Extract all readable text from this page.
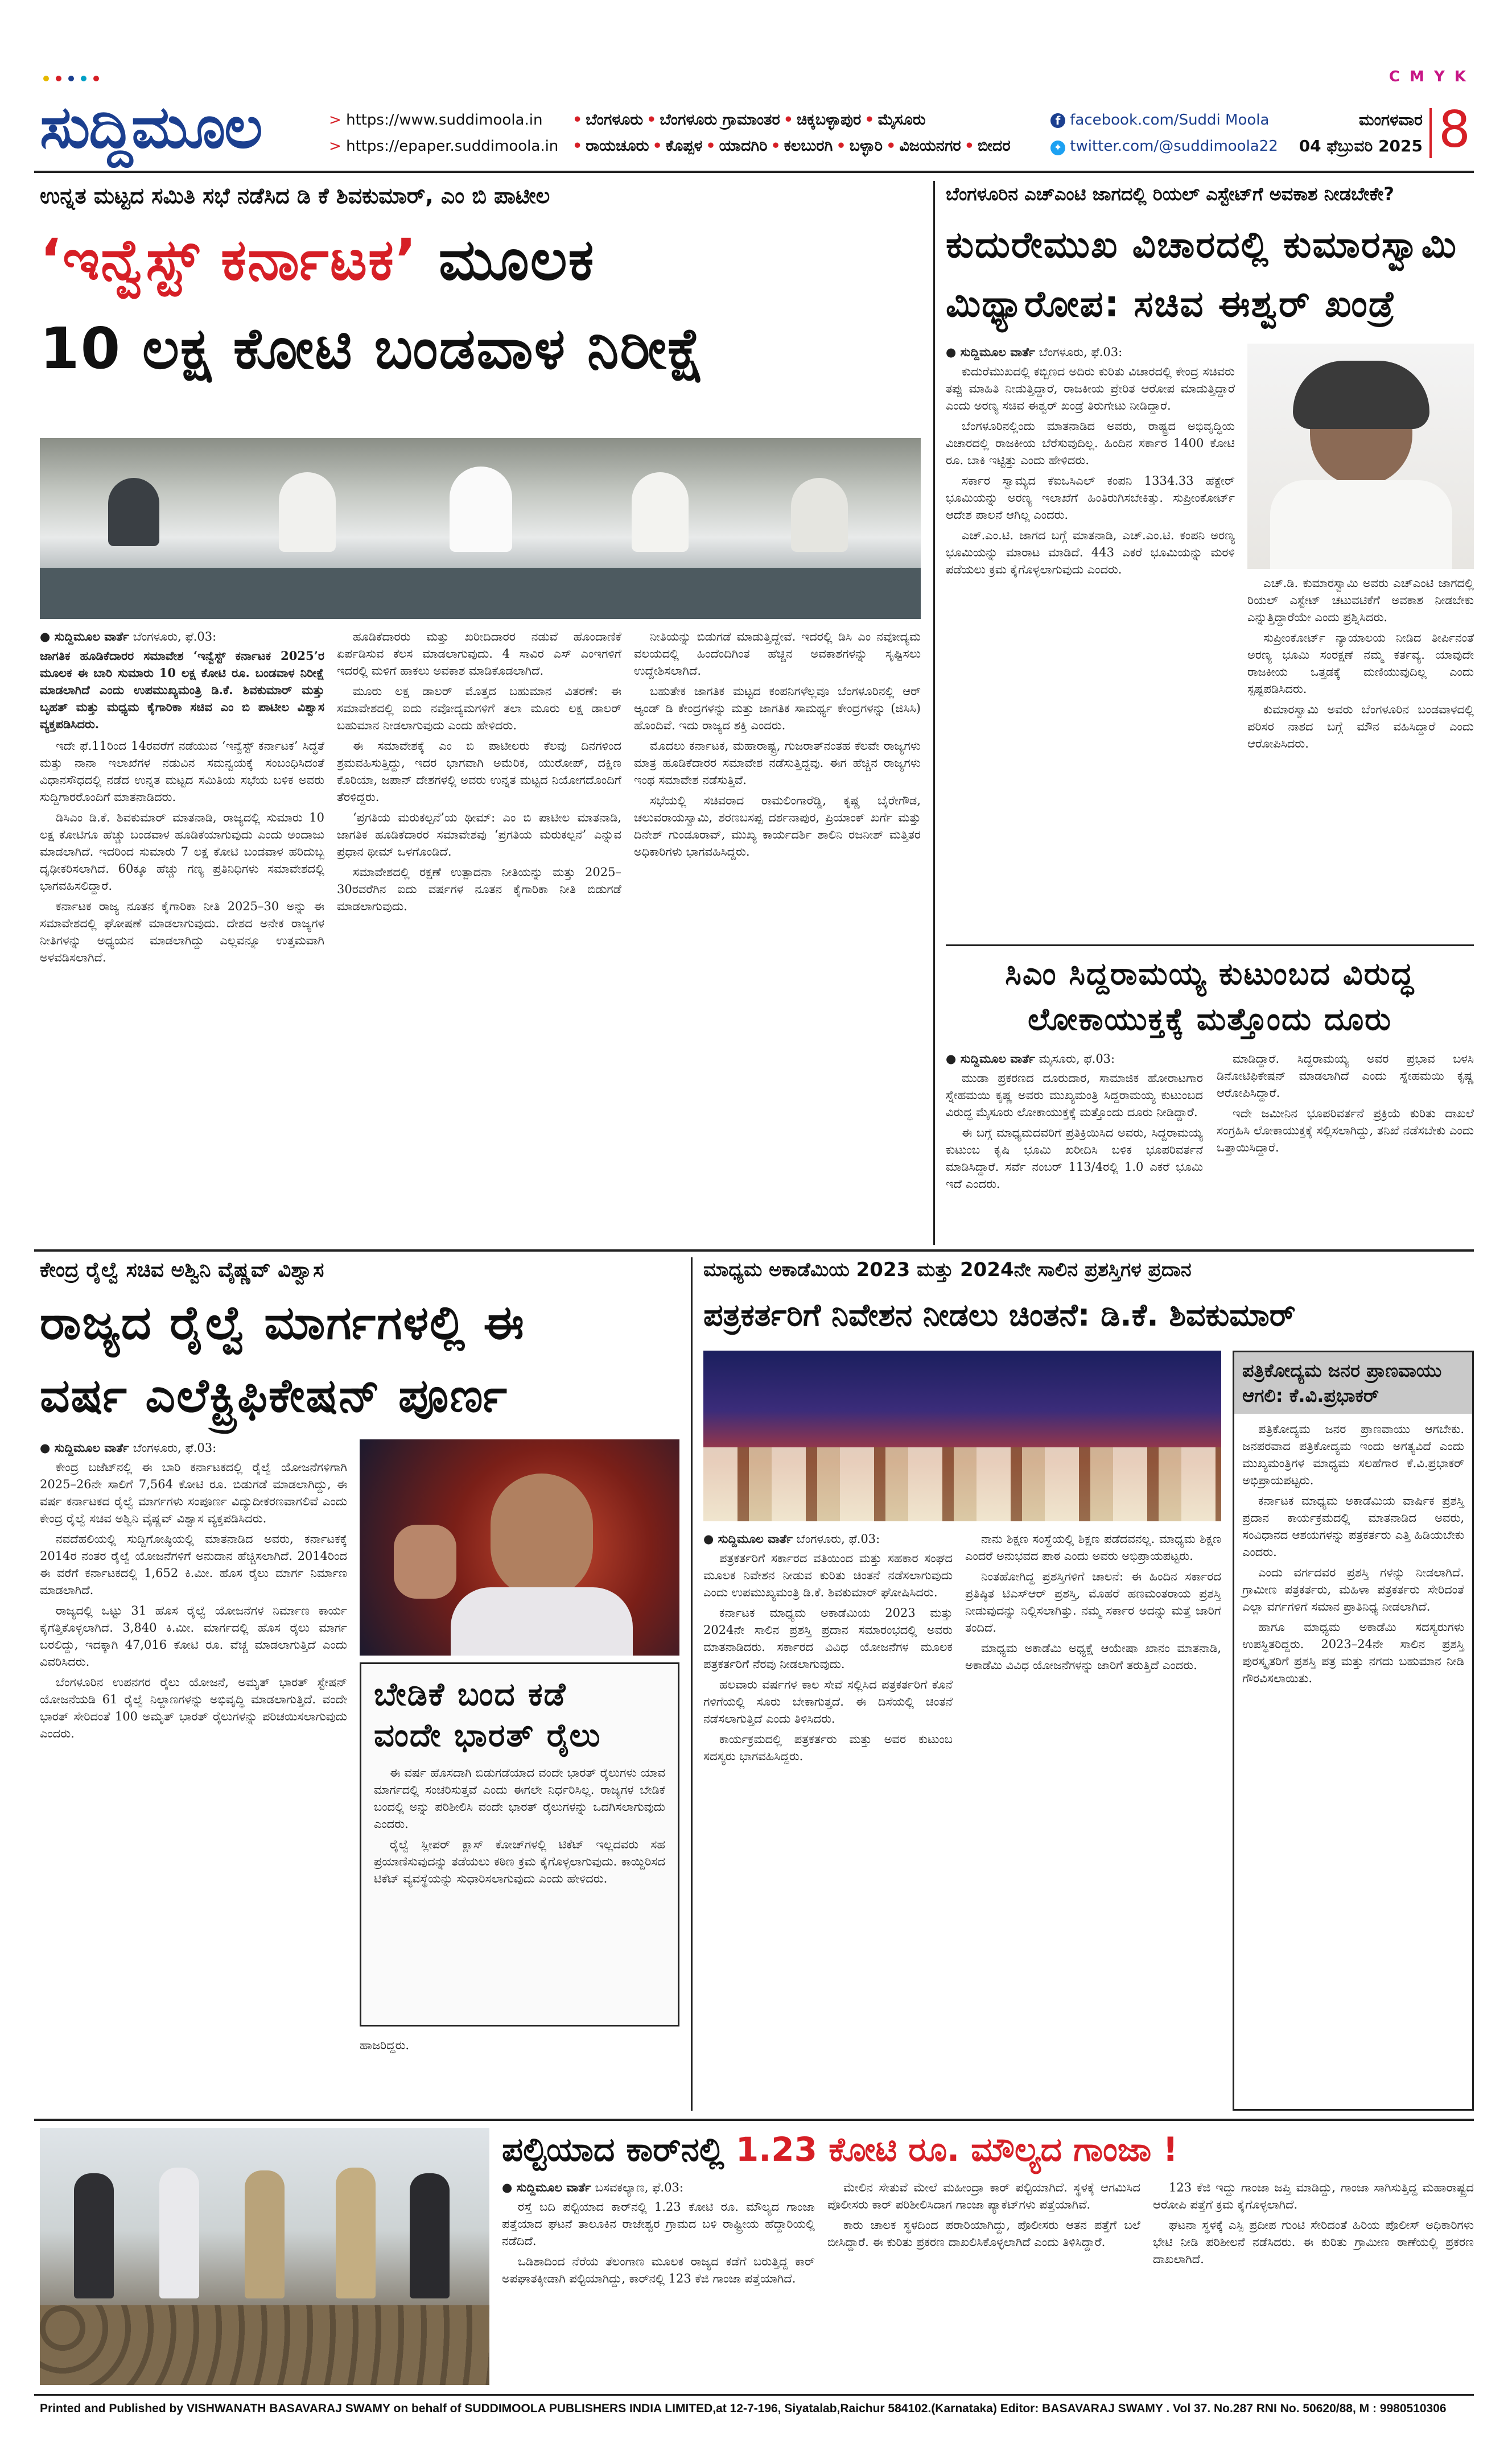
C M Y K
ಸುದ್ದಿಮೂಲ	> https://www.suddimoola.in
> https://epaper.suddimoola.in
• ಬೆಂಗಳೂರು • ಬೆಂಗಳೂರು ಗ್ರಾಮಾಂತರ • ಚಿಕ್ಕಬಳ್ಳಾಪುರ • ಮೈಸೂರು
• ರಾಯಚೂರು • ಕೊಪ್ಪಳ • ಯಾದಗಿರಿ • ಕಲಬುರಗಿ • ಬಳ್ಳಾರಿ • ವಿಜಯನಗರ • ಬೀದರ
f facebook.com/Suddi Moola
✦ twitter.com/@suddimoola22
ಮಂಗಳವಾರ
04 ಫೆಬ್ರುವರಿ 2025 8
ಉನ್ನತ ಮಟ್ಟದ ಸಮಿತಿ ಸಭೆ ನಡೆಸಿದ ಡಿ ಕೆ ಶಿವಕುಮಾರ್, ಎಂ ಬಿ ಪಾಟೀಲ
‘ಇನ್ವೆಸ್ಟ್ ಕರ್ನಾಟಕ’ ಮೂಲಕ
10 ಲಕ್ಷ ಕೋಟಿ ಬಂಡವಾಳ ನಿರೀಕ್ಷೆ
● ಸುದ್ದಿಮೂಲ ವಾರ್ತೆ ಬೆಂಗಳೂರು, ಫೆ.03:
ಜಾಗತಿಕ ಹೂಡಿಕೆದಾರರ ಸಮಾವೇಶ ‘ಇನ್ವೆಸ್ಟ್ ಕರ್ನಾಟಕ 2025’ರ ಮೂಲಕ ಈ ಬಾರಿ ಸುಮಾರು 10 ಲಕ್ಷ ಕೋಟಿ ರೂ. ಬಂಡವಾಳ ನಿರೀಕ್ಷೆ ಮಾಡಲಾಗಿದೆ ಎಂದು ಉಪಮುಖ್ಯಮಂತ್ರಿ ಡಿ.ಕೆ. ಶಿವಕುಮಾರ್ ಮತ್ತು ಬೃಹತ್ ಮತ್ತು ಮಧ್ಯಮ ಕೈಗಾರಿಕಾ ಸಚಿವ ಎಂ ಬಿ ಪಾಟೀಲ ವಿಶ್ವಾಸ ವ್ಯಕ್ತಪಡಿಸಿದರು.

ಇದೇ ಫೆ.11ರಿಂದ 14ರವರೆಗೆ ನಡೆಯುವ ‘ಇನ್ವೆಸ್ಟ್ ಕರ್ನಾಟಕ’ ಸಿದ್ಧತೆ ಮತ್ತು ನಾನಾ ಇಲಾಖೆಗಳ ನಡುವಿನ ಸಮನ್ವಯಕ್ಕೆ ಸಂಬಂಧಿಸಿದಂತೆ ವಿಧಾನಸೌಧದಲ್ಲಿ ನಡೆದ ಉನ್ನತ ಮಟ್ಟದ ಸಮಿತಿಯ ಸಭೆಯ ಬಳಿಕ ಅವರು ಸುದ್ದಿಗಾರರೊಂದಿಗೆ ಮಾತನಾಡಿದರು.

ಡಿಸಿಎಂ ಡಿ.ಕೆ. ಶಿವಕುಮಾರ್ ಮಾತನಾಡಿ, ರಾಜ್ಯದಲ್ಲಿ ಸುಮಾರು 10 ಲಕ್ಷ ಕೋಟಿಗೂ ಹೆಚ್ಚು ಬಂಡವಾಳ ಹೂಡಿಕೆಯಾಗುವುದು ಎಂದು ಅಂದಾಜು ಮಾಡಲಾಗಿದೆ. ಇದರಿಂದ ಸುಮಾರು 7 ಲಕ್ಷ ಕೋಟಿ ಬಂಡವಾಳ ಹರಿದುಬ್ಬ ದೃಢೀಕರಿಸಲಾಗಿದೆ. 60ಕ್ಕೂ ಹೆಚ್ಚು ಗಣ್ಯ ಪ್ರತಿನಿಧಿಗಳು ಸಮಾವೇಶದಲ್ಲಿ ಭಾಗವಹಿಸಲಿದ್ದಾರೆ.

ಕರ್ನಾಟಕ ರಾಜ್ಯ ನೂತನ ಕೈಗಾರಿಕಾ ನೀತಿ 2025–30 ಅನ್ನು ಈ ಸಮಾವೇಶದಲ್ಲಿ ಘೋಷಣೆ ಮಾಡಲಾಗುವುದು. ದೇಶದ ಅನೇಕ ರಾಜ್ಯಗಳ ನೀತಿಗಳನ್ನು ಅಧ್ಯಯನ ಮಾಡಲಾಗಿದ್ದು ಎಲ್ಲವನ್ನೂ ಉತ್ತಮವಾಗಿ ಅಳವಡಿಸಲಾಗಿದೆ.

ಹೂಡಿಕೆದಾರರು ಮತ್ತು ಖರೀದಿದಾರರ ನಡುವೆ ಹೊಂದಾಣಿಕೆ ಏರ್ಪಡಿಸುವ ಕೆಲಸ ಮಾಡಲಾಗುವುದು. 4 ಸಾವಿರ ಎಸ್ ಎಂಇಗಳಿಗೆ ಇದರಲ್ಲಿ ಮಳಿಗೆ ಹಾಕಲು ಅವಕಾಶ ಮಾಡಿಕೊಡಲಾಗಿದೆ.

ಮೂರು ಲಕ್ಷ ಡಾಲರ್ ಮೊತ್ತದ ಬಹುಮಾನ ವಿತರಣೆ: ಈ ಸಮಾವೇಶದಲ್ಲಿ ಐದು ನವೋದ್ಯಮಗಳಿಗೆ ತಲಾ ಮೂರು ಲಕ್ಷ ಡಾಲರ್ ಬಹುಮಾನ ನೀಡಲಾಗುವುದು ಎಂದು ಹೇಳಿದರು.

ಈ ಸಮಾವೇಶಕ್ಕೆ ಎಂ ಬಿ ಪಾಟೀಲರು ಕೆಲವು ದಿನಗಳಿಂದ ಶ್ರಮವಹಿಸುತ್ತಿದ್ದು, ಇದರ ಭಾಗವಾಗಿ ಅಮೆರಿಕ, ಯುರೋಪ್, ದಕ್ಷಿಣ ಕೊರಿಯಾ, ಜಪಾನ್ ದೇಶಗಳಲ್ಲಿ ಅವರು ಉನ್ನತ ಮಟ್ಟದ ನಿಯೋಗದೊಂದಿಗೆ ತೆರಳಿದ್ದರು.

‘ಪ್ರಗತಿಯ ಮರುಕಲ್ಪನೆ’ಯ ಥೀಮ್: ಎಂ ಬಿ ಪಾಟೀಲ ಮಾತನಾಡಿ, ಜಾಗತಿಕ ಹೂಡಿಕೆದಾರರ ಸಮಾವೇಶವು ‘ಪ್ರಗತಿಯ ಮರುಕಲ್ಪನೆ’ ಎನ್ನುವ ಪ್ರಧಾನ ಥೀಮ್ ಒಳಗೊಂಡಿದೆ.

ಸಮಾವೇಶದಲ್ಲಿ ರಕ್ಷಣೆ ಉತ್ಪಾದನಾ ನೀತಿಯನ್ನು ಮತ್ತು 2025–30ರವರೆಗಿನ ಐದು ವರ್ಷಗಳ ನೂತನ ಕೈಗಾರಿಕಾ ನೀತಿ ಬಿಡುಗಡೆ ಮಾಡಲಾಗುವುದು.

ನೀತಿಯನ್ನು ಬಿಡುಗಡೆ ಮಾಡುತ್ತಿದ್ದೇವೆ. ಇದರಲ್ಲಿ ಡಿಸಿ ಎಂ ನವೋದ್ಯಮ ವಲಯದಲ್ಲಿ ಹಿಂದೆಂದಿಗಿಂತ ಹೆಚ್ಚಿನ ಅವಕಾಶಗಳನ್ನು ಸೃಷ್ಟಿಸಲು ಉದ್ದೇಶಿಸಲಾಗಿದೆ.

ಬಹುತೇಕ ಜಾಗತಿಕ ಮಟ್ಟದ ಕಂಪನಿಗಳೆಲ್ಲವೂ ಬೆಂಗಳೂರಿನಲ್ಲಿ ಆರ್ ಆ್ಯಂಡ್ ಡಿ ಕೇಂದ್ರಗಳನ್ನು ಮತ್ತು ಜಾಗತಿಕ ಸಾಮರ್ಥ್ಯ ಕೇಂದ್ರಗಳನ್ನು (ಜಿಸಿಸಿ) ಹೊಂದಿವೆ. ಇದು ರಾಜ್ಯದ ಶಕ್ತಿ ಎಂದರು.

ಮೊದಲು ಕರ್ನಾಟಕ, ಮಹಾರಾಷ್ಟ್ರ, ಗುಜರಾತ್‌ನಂತಹ ಕೆಲವೇ ರಾಜ್ಯಗಳು ಮಾತ್ರ ಹೂಡಿಕೆದಾರರ ಸಮಾವೇಶ ನಡೆಸುತ್ತಿದ್ದವು. ಈಗ ಹೆಚ್ಚಿನ ರಾಜ್ಯಗಳು ಇಂಥ ಸಮಾವೇಶ ನಡೆಸುತ್ತಿವೆ.

ಸಭೆಯಲ್ಲಿ ಸಚಿವರಾದ ರಾಮಲಿಂಗಾರೆಡ್ಡಿ, ಕೃಷ್ಣ ಬೈರೇಗೌಡ, ಚಲುವರಾಯಸ್ವಾಮಿ, ಶರಣಬಸಪ್ಪ ದರ್ಶನಾಪುರ, ಪ್ರಿಯಾಂಕ್ ಖರ್ಗೆ ಮತ್ತು ದಿನೇಶ್ ಗುಂಡೂರಾವ್, ಮುಖ್ಯ ಕಾರ್ಯದರ್ಶಿ ಶಾಲಿನಿ ರಜನೀಶ್ ಮತ್ತಿತರ ಅಧಿಕಾರಿಗಳು ಭಾಗವಹಿಸಿದ್ದರು.

ಬೆಂಗಳೂರಿನ ಎಚ್‌ಎಂಟಿ ಜಾಗದಲ್ಲಿ ರಿಯಲ್ ಎಸ್ಟೇಟ್‌ಗೆ ಅವಕಾಶ ನೀಡಬೇಕೇ?
ಕುದುರೇಮುಖ ವಿಚಾರದಲ್ಲಿ ಕುಮಾರಸ್ವಾಮಿ
ಮಿಥ್ಯಾರೋಪ: ಸಚಿವ ಈಶ್ವರ್ ಖಂಡ್ರೆ
● ಸುದ್ದಿಮೂಲ ವಾರ್ತೆ ಬೆಂಗಳೂರು, ಫೆ.03:

ಕುದುರೆಮುಖದಲ್ಲಿ ಕಬ್ಬಿಣದ ಅದಿರು ಕುರಿತು ವಿಚಾರದಲ್ಲಿ ಕೇಂದ್ರ ಸಚಿವರು ತಪ್ಪು ಮಾಹಿತಿ ನೀಡುತ್ತಿದ್ದಾರೆ, ರಾಜಕೀಯ ಪ್ರೇರಿತ ಆರೋಪ ಮಾಡುತ್ತಿದ್ದಾರೆ ಎಂದು ಅರಣ್ಯ ಸಚಿವ ಈಶ್ವರ್ ಖಂಡ್ರೆ ತಿರುಗೇಟು ನೀಡಿದ್ದಾರೆ.

ಬೆಂಗಳೂರಿನಲ್ಲಿಂದು ಮಾತನಾಡಿದ ಅವರು, ರಾಷ್ಟ್ರದ ಅಭಿವೃದ್ಧಿಯ ವಿಚಾರದಲ್ಲಿ ರಾಜಕೀಯ ಬೆರೆಸುವುದಿಲ್ಲ. ಹಿಂದಿನ ಸರ್ಕಾರ 1400 ಕೋಟಿ ರೂ. ಬಾಕಿ ಇಟ್ಟಿತ್ತು ಎಂದು ಹೇಳಿದರು.

ಸರ್ಕಾರ ಸ್ವಾಮ್ಯದ ಕೆಐಒಸಿಎಲ್ ಕಂಪನಿ 1334.33 ಹೆಕ್ಟೇರ್ ಭೂಮಿಯನ್ನು ಅರಣ್ಯ ಇಲಾಖೆಗೆ ಹಿಂತಿರುಗಿಸಬೇಕಿತ್ತು. ಸುಪ್ರೀಂಕೋರ್ಟ್ ಆದೇಶ ಪಾಲನೆ ಆಗಿಲ್ಲ ಎಂದರು.

ಎಚ್.ಎಂ.ಟಿ. ಜಾಗದ ಬಗ್ಗೆ ಮಾತನಾಡಿ, ಎಚ್.ಎಂ.ಟಿ. ಕಂಪನಿ ಅರಣ್ಯ ಭೂಮಿಯನ್ನು ಮಾರಾಟ ಮಾಡಿದೆ. 443 ಎಕರೆ ಭೂಮಿಯನ್ನು ಮರಳಿ ಪಡೆಯಲು ಕ್ರಮ ಕೈಗೊಳ್ಳಲಾಗುವುದು ಎಂದರು.

ಎಚ್.ಡಿ. ಕುಮಾರಸ್ವಾಮಿ ಅವರು ಎಚ್‌ಎಂಟಿ ಜಾಗದಲ್ಲಿ ರಿಯಲ್ ಎಸ್ಟೇಟ್ ಚಟುವಟಿಕೆಗೆ ಅವಕಾಶ ನೀಡಬೇಕು ಎನ್ನುತ್ತಿದ್ದಾರೆಯೇ ಎಂದು ಪ್ರಶ್ನಿಸಿದರು.

ಸುಪ್ರೀಂಕೋರ್ಟ್ ನ್ಯಾಯಾಲಯ ನೀಡಿದ ತೀರ್ಪಿನಂತೆ ಅರಣ್ಯ ಭೂಮಿ ಸಂರಕ್ಷಣೆ ನಮ್ಮ ಕರ್ತವ್ಯ. ಯಾವುದೇ ರಾಜಕೀಯ ಒತ್ತಡಕ್ಕೆ ಮಣಿಯುವುದಿಲ್ಲ ಎಂದು ಸ್ಪಷ್ಟಪಡಿಸಿದರು.

ಕುಮಾರಸ್ವಾಮಿ ಅವರು ಬೆಂಗಳೂರಿನ ಬಂಡವಾಳದಲ್ಲಿ ಪರಿಸರ ನಾಶದ ಬಗ್ಗೆ ಮೌನ ವಹಿಸಿದ್ದಾರೆ ಎಂದು ಆರೋಪಿಸಿದರು.

ಸಿಎಂ ಸಿದ್ದರಾಮಯ್ಯ ಕುಟುಂಬದ ವಿರುದ್ಧ
ಲೋಕಾಯುಕ್ತಕ್ಕೆ ಮತ್ತೊಂದು ದೂರು
● ಸುದ್ದಿಮೂಲ ವಾರ್ತೆ ಮೈಸೂರು, ಫೆ.03:

ಮುಡಾ ಪ್ರಕರಣದ ದೂರುದಾರ, ಸಾಮಾಜಿಕ ಹೋರಾಟಗಾರ ಸ್ನೇಹಮಯಿ ಕೃಷ್ಣ ಅವರು ಮುಖ್ಯಮಂತ್ರಿ ಸಿದ್ದರಾಮಯ್ಯ ಕುಟುಂಬದ ವಿರುದ್ಧ ಮೈಸೂರು ಲೋಕಾಯುಕ್ತಕ್ಕೆ ಮತ್ತೊಂದು ದೂರು ನೀಡಿದ್ದಾರೆ.

ಈ ಬಗ್ಗೆ ಮಾಧ್ಯಮದವರಿಗೆ ಪ್ರತಿಕ್ರಿಯಿಸಿದ ಅವರು, ಸಿದ್ದರಾಮಯ್ಯ ಕುಟುಂಬ ಕೃಷಿ ಭೂಮಿ ಖರೀದಿಸಿ ಬಳಿಕ ಭೂಪರಿವರ್ತನೆ ಮಾಡಿಸಿದ್ದಾರೆ. ಸರ್ವೆ ನಂಬರ್ 113/4ರಲ್ಲಿ 1.0 ಎಕರೆ ಭೂಮಿ ಇದೆ ಎಂದರು.

ಮಾಡಿದ್ದಾರೆ. ಸಿದ್ದರಾಮಯ್ಯ ಅವರ ಪ್ರಭಾವ ಬಳಸಿ ಡಿನೋಟಿಫಿಕೇಷನ್ ಮಾಡಲಾಗಿದೆ ಎಂದು ಸ್ನೇಹಮಯಿ ಕೃಷ್ಣ ಆರೋಪಿಸಿದ್ದಾರೆ.

ಇದೇ ಜಮೀನಿನ ಭೂಪರಿವರ್ತನೆ ಪ್ರಕ್ರಿಯೆ ಕುರಿತು ದಾಖಲೆ ಸಂಗ್ರಹಿಸಿ ಲೋಕಾಯುಕ್ತಕ್ಕೆ ಸಲ್ಲಿಸಲಾಗಿದ್ದು, ತನಿಖೆ ನಡೆಸಬೇಕು ಎಂದು ಒತ್ತಾಯಿಸಿದ್ದಾರೆ.

ಕೇಂದ್ರ ರೈಲ್ವೆ ಸಚಿವ ಅಶ್ವಿನಿ ವೈಷ್ಣವ್ ವಿಶ್ವಾಸ
ರಾಜ್ಯದ ರೈಲ್ವೆ ಮಾರ್ಗಗಳಲ್ಲಿ ಈ
ವರ್ಷ ಎಲೆಕ್ಟ್ರಿಫಿಕೇಷನ್ ಪೂರ್ಣ
● ಸುದ್ದಿಮೂಲ ವಾರ್ತೆ ಬೆಂಗಳೂರು, ಫೆ.03:

ಕೇಂದ್ರ ಬಜೆಟ್‌ನಲ್ಲಿ ಈ ಬಾರಿ ಕರ್ನಾಟಕದಲ್ಲಿ ರೈಲ್ವೆ ಯೋಜನೆಗಳಿಗಾಗಿ 2025–26ನೇ ಸಾಲಿಗೆ 7,564 ಕೋಟಿ ರೂ. ಬಿಡುಗಡೆ ಮಾಡಲಾಗಿದ್ದು, ಈ ವರ್ಷ ಕರ್ನಾಟಕದ ರೈಲ್ವೆ ಮಾರ್ಗಗಳು ಸಂಪೂರ್ಣ ವಿದ್ಯುದೀಕರಣವಾಗಲಿವೆ ಎಂದು ಕೇಂದ್ರ ರೈಲ್ವೆ ಸಚಿವ ಅಶ್ವಿನಿ ವೈಷ್ಣವ್ ವಿಶ್ವಾಸ ವ್ಯಕ್ತಪಡಿಸಿದರು.

ನವದೆಹಲಿಯಲ್ಲಿ ಸುದ್ದಿಗೋಷ್ಠಿಯಲ್ಲಿ ಮಾತನಾಡಿದ ಅವರು, ಕರ್ನಾಟಕಕ್ಕೆ 2014ರ ನಂತರ ರೈಲ್ವೆ ಯೋಜನೆಗಳಿಗೆ ಅನುದಾನ ಹೆಚ್ಚಿಸಲಾಗಿದೆ. 2014ರಿಂದ ಈ ವರೆಗೆ ಕರ್ನಾಟಕದಲ್ಲಿ 1,652 ಕಿ.ಮೀ. ಹೊಸ ರೈಲು ಮಾರ್ಗ ನಿರ್ಮಾಣ ಮಾಡಲಾಗಿದೆ.

ರಾಜ್ಯದಲ್ಲಿ ಒಟ್ಟು 31 ಹೊಸ ರೈಲ್ವೆ ಯೋಜನೆಗಳ ನಿರ್ಮಾಣ ಕಾರ್ಯ ಕೈಗೆತ್ತಿಕೊಳ್ಳಲಾಗಿದೆ. 3,840 ಕಿ.ಮೀ. ಮಾರ್ಗದಲ್ಲಿ ಹೊಸ ರೈಲು ಮಾರ್ಗ ಬರಲಿದ್ದು, ಇದಕ್ಕಾಗಿ 47,016 ಕೋಟಿ ರೂ. ವೆಚ್ಚ ಮಾಡಲಾಗುತ್ತಿದೆ ಎಂದು ವಿವರಿಸಿದರು.

ಬೆಂಗಳೂರಿನ ಉಪನಗರ ರೈಲು ಯೋಜನೆ, ಅಮೃತ್ ಭಾರತ್ ಸ್ಟೇಷನ್ ಯೋಜನೆಯಡಿ 61 ರೈಲ್ವೆ ನಿಲ್ದಾಣಗಳನ್ನು ಅಭಿವೃದ್ಧಿ ಮಾಡಲಾಗುತ್ತಿದೆ. ವಂದೇ ಭಾರತ್ ಸೇರಿದಂತೆ 100 ಅಮೃತ್ ಭಾರತ್ ರೈಲುಗಳನ್ನು ಪರಿಚಯಿಸಲಾಗುವುದು ಎಂದರು.

ಬೇಡಿಕೆ ಬಂದ ಕಡೆ
ವಂದೇ ಭಾರತ್ ರೈಲು

ಈ ವರ್ಷ ಹೊಸದಾಗಿ ಬಿಡುಗಡೆಯಾದ ವಂದೇ ಭಾರತ್ ರೈಲುಗಳು ಯಾವ ಮಾರ್ಗದಲ್ಲಿ ಸಂಚರಿಸುತ್ತವೆ ಎಂದು ಈಗಲೇ ನಿರ್ಧರಿಸಿಲ್ಲ. ರಾಜ್ಯಗಳ ಬೇಡಿಕೆ ಬಂದಲ್ಲಿ ಅನ್ನು ಪರಿಶೀಲಿಸಿ ವಂದೇ ಭಾರತ್ ರೈಲುಗಳನ್ನು ಒದಗಿಸಲಾಗುವುದು ಎಂದರು.

ರೈಲ್ವೆ ಸ್ಲೀಪರ್ ಕ್ಲಾಸ್ ಕೋಚ್‌ಗಳಲ್ಲಿ ಟಿಕೆಟ್ ಇಲ್ಲದವರು ಸಹ ಪ್ರಯಾಣಿಸುವುದನ್ನು ತಡೆಯಲು ಕಠಿಣ ಕ್ರಮ ಕೈಗೊಳ್ಳಲಾಗುವುದು. ಕಾಯ್ದಿರಿಸದ ಟಿಕೆಟ್ ವ್ಯವಸ್ಥೆಯನ್ನು ಸುಧಾರಿಸಲಾಗುವುದು ಎಂದು ಹೇಳಿದರು.

ಹಾಜರಿದ್ದರು.
ಮಾಧ್ಯಮ ಅಕಾಡೆಮಿಯ 2023 ಮತ್ತು 2024ನೇ ಸಾಲಿನ ಪ್ರಶಸ್ತಿಗಳ ಪ್ರದಾನ
ಪತ್ರಕರ್ತರಿಗೆ ನಿವೇಶನ ನೀಡಲು ಚಿಂತನೆ: ಡಿ.ಕೆ. ಶಿವಕುಮಾರ್
● ಸುದ್ದಿಮೂಲ ವಾರ್ತೆ ಬೆಂಗಳೂರು, ಫೆ.03:

ಪತ್ರಕರ್ತರಿಗೆ ಸರ್ಕಾರದ ವತಿಯಿಂದ ಮತ್ತು ಸಹಕಾರ ಸಂಘದ ಮೂಲಕ ನಿವೇಶನ ನೀಡುವ ಕುರಿತು ಚಿಂತನೆ ನಡೆಸಲಾಗುವುದು ಎಂದು ಉಪಮುಖ್ಯಮಂತ್ರಿ ಡಿ.ಕೆ. ಶಿವಕುಮಾರ್ ಘೋಷಿಸಿದರು.

ಕರ್ನಾಟಕ ಮಾಧ್ಯಮ ಅಕಾಡೆಮಿಯ 2023 ಮತ್ತು 2024ನೇ ಸಾಲಿನ ಪ್ರಶಸ್ತಿ ಪ್ರದಾನ ಸಮಾರಂಭದಲ್ಲಿ ಅವರು ಮಾತನಾಡಿದರು. ಸರ್ಕಾರದ ವಿವಿಧ ಯೋಜನೆಗಳ ಮೂಲಕ ಪತ್ರಕರ್ತರಿಗೆ ನೆರವು ನೀಡಲಾಗುವುದು.

ಹಲವಾರು ವರ್ಷಗಳ ಕಾಲ ಸೇವೆ ಸಲ್ಲಿಸಿದ ಪತ್ರಕರ್ತರಿಗೆ ಕೊನೆ ಗಳಿಗೆಯಲ್ಲಿ ಸೂರು ಬೇಕಾಗುತ್ತದೆ. ಈ ದಿಸೆಯಲ್ಲಿ ಚಿಂತನೆ ನಡೆಸಲಾಗುತ್ತಿದೆ ಎಂದು ತಿಳಿಸಿದರು.

ಕಾರ್ಯಕ್ರಮದಲ್ಲಿ ಪತ್ರಕರ್ತರು ಮತ್ತು ಅವರ ಕುಟುಂಬ ಸದಸ್ಯರು ಭಾಗವಹಿಸಿದ್ದರು.

ನಾನು ಶಿಕ್ಷಣ ಸಂಸ್ಥೆಯಲ್ಲಿ ಶಿಕ್ಷಣ ಪಡೆದವನಲ್ಲ. ಮಾಧ್ಯಮ ಶಿಕ್ಷಣ ಎಂದರೆ ಅನುಭವದ ಪಾಠ ಎಂದು ಅವರು ಅಭಿಪ್ರಾಯಪಟ್ಟರು.

ನಿಂತಹೋಗಿದ್ದ ಪ್ರಶಸ್ತಿಗಳಿಗೆ ಚಾಲನೆ: ಈ ಹಿಂದಿನ ಸರ್ಕಾರದ ಪ್ರತಿಷ್ಠಿತ ಟಿಎಸ್‌ಆರ್ ಪ್ರಶಸ್ತಿ, ಮೊಹರೆ ಹಣಮಂತರಾಯ ಪ್ರಶಸ್ತಿ ನೀಡುವುದನ್ನು ನಿಲ್ಲಿಸಲಾಗಿತ್ತು. ನಮ್ಮ ಸರ್ಕಾರ ಅದನ್ನು ಮತ್ತೆ ಜಾರಿಗೆ ತಂದಿದೆ.

ಮಾಧ್ಯಮ ಅಕಾಡೆಮಿ ಅಧ್ಯಕ್ಷೆ ಆಯೇಷಾ ಖಾನಂ ಮಾತನಾಡಿ, ಅಕಾಡೆಮಿ ವಿವಿಧ ಯೋಜನೆಗಳನ್ನು ಜಾರಿಗೆ ತರುತ್ತಿದೆ ಎಂದರು.

ಪತ್ರಿಕೋದ್ಯಮ ಜನರ ಪ್ರಾಣವಾಯು
ಆಗಲಿ: ಕೆ.ವಿ.ಪ್ರಭಾಕರ್

ಪತ್ರಿಕೋದ್ಯಮ ಜನರ ಪ್ರಾಣವಾಯು ಆಗಬೇಕು. ಜನಪರವಾದ ಪತ್ರಿಕೋದ್ಯಮ ಇಂದು ಅಗತ್ಯವಿದೆ ಎಂದು ಮುಖ್ಯಮಂತ್ರಿಗಳ ಮಾಧ್ಯಮ ಸಲಹೆಗಾರ ಕೆ.ವಿ.ಪ್ರಭಾಕರ್ ಅಭಿಪ್ರಾಯಪಟ್ಟರು.

ಕರ್ನಾಟಕ ಮಾಧ್ಯಮ ಅಕಾಡೆಮಿಯ ವಾರ್ಷಿಕ ಪ್ರಶಸ್ತಿ ಪ್ರದಾನ ಕಾರ್ಯಕ್ರಮದಲ್ಲಿ ಮಾತನಾಡಿದ ಅವರು, ಸಂವಿಧಾನದ ಆಶಯಗಳನ್ನು ಪತ್ರಕರ್ತರು ಎತ್ತಿ ಹಿಡಿಯಬೇಕು ಎಂದರು.

ಎಂದು ವರ್ಗದವರ ಪ್ರಶಸ್ತಿ ಗಳನ್ನು ನೀಡಲಾಗಿದೆ. ಗ್ರಾಮೀಣ ಪತ್ರಕರ್ತರು, ಮಹಿಳಾ ಪತ್ರಕರ್ತರು ಸೇರಿದಂತೆ ಎಲ್ಲಾ ವರ್ಗಗಳಿಗೆ ಸಮಾನ ಪ್ರಾತಿನಿಧ್ಯ ನೀಡಲಾಗಿದೆ.

ಹಾಗೂ ಮಾಧ್ಯಮ ಅಕಾಡೆಮಿ ಸದಸ್ಯರುಗಳು ಉಪಸ್ಥಿತರಿದ್ದರು. 2023–24ನೇ ಸಾಲಿನ ಪ್ರಶಸ್ತಿ ಪುರಸ್ಕೃತರಿಗೆ ಪ್ರಶಸ್ತಿ ಪತ್ರ ಮತ್ತು ನಗದು ಬಹುಮಾನ ನೀಡಿ ಗೌರವಿಸಲಾಯಿತು.

ಪಲ್ಟಿಯಾದ ಕಾರ್‌ನಲ್ಲಿ 1.23 ಕೋಟಿ ರೂ. ಮೌಲ್ಯದ ಗಾಂಜಾ !
● ಸುದ್ದಿಮೂಲ ವಾರ್ತೆ ಬಸವಕಲ್ಯಾಣ, ಫೆ.03:

ರಸ್ತೆ ಬದಿ ಪಲ್ಟಿಯಾದ ಕಾರ್‌ನಲ್ಲಿ 1.23 ಕೋಟಿ ರೂ. ಮೌಲ್ಯದ ಗಾಂಜಾ ಪತ್ತೆಯಾದ ಘಟನೆ ತಾಲೂಕಿನ ರಾಜೇಶ್ವರ ಗ್ರಾಮದ ಬಳಿ ರಾಷ್ಟ್ರೀಯ ಹೆದ್ದಾರಿಯಲ್ಲಿ ನಡೆದಿದೆ.

ಒಡಿಶಾದಿಂದ ನೆರೆಯ ತೆಲಂಗಾಣ ಮೂಲಕ ರಾಜ್ಯದ ಕಡೆಗೆ ಬರುತ್ತಿದ್ದ ಕಾರ್ ಅಪಘಾತಕ್ಕೀಡಾಗಿ ಪಲ್ಟಿಯಾಗಿದ್ದು, ಕಾರ್‌ನಲ್ಲಿ 123 ಕೆಜಿ ಗಾಂಜಾ ಪತ್ತೆಯಾಗಿದೆ.

ಮೇಲಿನ ಸೇತುವೆ ಮೇಲೆ ಮಹೀಂದ್ರಾ ಕಾರ್ ಪಲ್ಟಿಯಾಗಿದೆ. ಸ್ಥಳಕ್ಕೆ ಆಗಮಿಸಿದ ಪೊಲೀಸರು ಕಾರ್ ಪರಿಶೀಲಿಸಿದಾಗ ಗಾಂಜಾ ಪ್ಯಾಕೆಟ್‌ಗಳು ಪತ್ತೆಯಾಗಿವೆ.

ಕಾರು ಚಾಲಕ ಸ್ಥಳದಿಂದ ಪರಾರಿಯಾಗಿದ್ದು, ಪೊಲೀಸರು ಆತನ ಪತ್ತೆಗೆ ಬಲೆ ಬೀಸಿದ್ದಾರೆ. ಈ ಕುರಿತು ಪ್ರಕರಣ ದಾಖಲಿಸಿಕೊಳ್ಳಲಾಗಿದೆ ಎಂದು ತಿಳಿಸಿದ್ದಾರೆ.

123 ಕೆಜಿ ಇದ್ದು ಗಾಂಜಾ ಜಪ್ತಿ ಮಾಡಿದ್ದು, ಗಾಂಜಾ ಸಾಗಿಸುತ್ತಿದ್ದ ಮಹಾರಾಷ್ಟ್ರದ ಆರೋಪಿ ಪತ್ತೆಗೆ ಕ್ರಮ ಕೈಗೊಳ್ಳಲಾಗಿದೆ.

ಘಟನಾ ಸ್ಥಳಕ್ಕೆ ಎಸ್ಪಿ ಪ್ರದೀಪ ಗುಂಟಿ ಸೇರಿದಂತೆ ಹಿರಿಯ ಪೊಲೀಸ್ ಅಧಿಕಾರಿಗಳು ಭೇಟಿ ನೀಡಿ ಪರಿಶೀಲನೆ ನಡೆಸಿದರು. ಈ ಕುರಿತು ಗ್ರಾಮೀಣ ಠಾಣೆಯಲ್ಲಿ ಪ್ರಕರಣ ದಾಖಲಾಗಿದೆ.

Printed and Published by VISHWANATH BASAVARAJ SWAMY on behalf of SUDDIMOOLA PUBLISHERS INDIA LIMITED,at 12-7-196, Siyatalab,Raichur 584102.(Karnataka) Editor: BASAVARAJ SWAMY . Vol 37. No.287 RNI No. 50620/88, M : 9980510306
